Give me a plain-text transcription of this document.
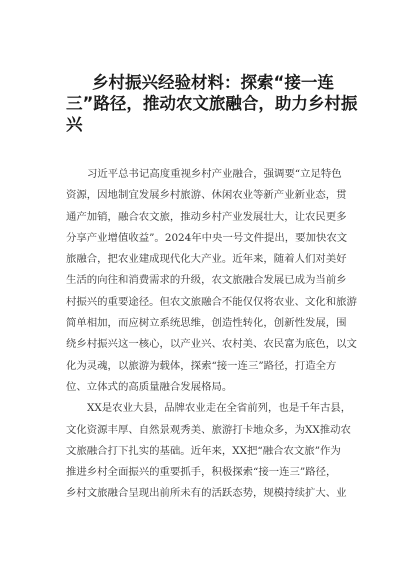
乡村振兴经验材料：探索“接一连
三”路径，推动农文旅融合，助力乡村振
兴

习近平总书记高度重视乡村产业融合，强调要“立足特色
资源，因地制宜发展乡村旅游、休闲农业等新产业新业态，贯
通产加销，融合农文旅，推动乡村产业发展壮大，让农民更多
分享产业增值收益”。2024年中央一号文件提出，要加快农文
旅融合，把农业建成现代化大产业。近年来，随着人们对美好
生活的向往和消费需求的升级，农文旅融合发展已成为当前乡
村振兴的重要途径。但农文旅融合不能仅仅将农业、文化和旅游
简单相加，而应树立系统思维，创造性转化，创新性发展，围
绕乡村振兴这一核心，以产业兴、农村美、农民富为底色，以文
化为灵魂，以旅游为载体，探索“接一连三”路径，打造全方
位、立体式的高质量融合发展格局。

XX是农业大县，品牌农业走在全省前列，也是千年古县，
文化资源丰厚、自然景观秀美、旅游打卡地众多，为XX推动农
文旅融合打下扎实的基础。近年来，XX把“融合农文旅”作为
推进乡村全面振兴的重要抓手，积极探索“接一连三”路径，
乡村文旅融合呈现出前所未有的活跃态势，规模持续扩大、业
